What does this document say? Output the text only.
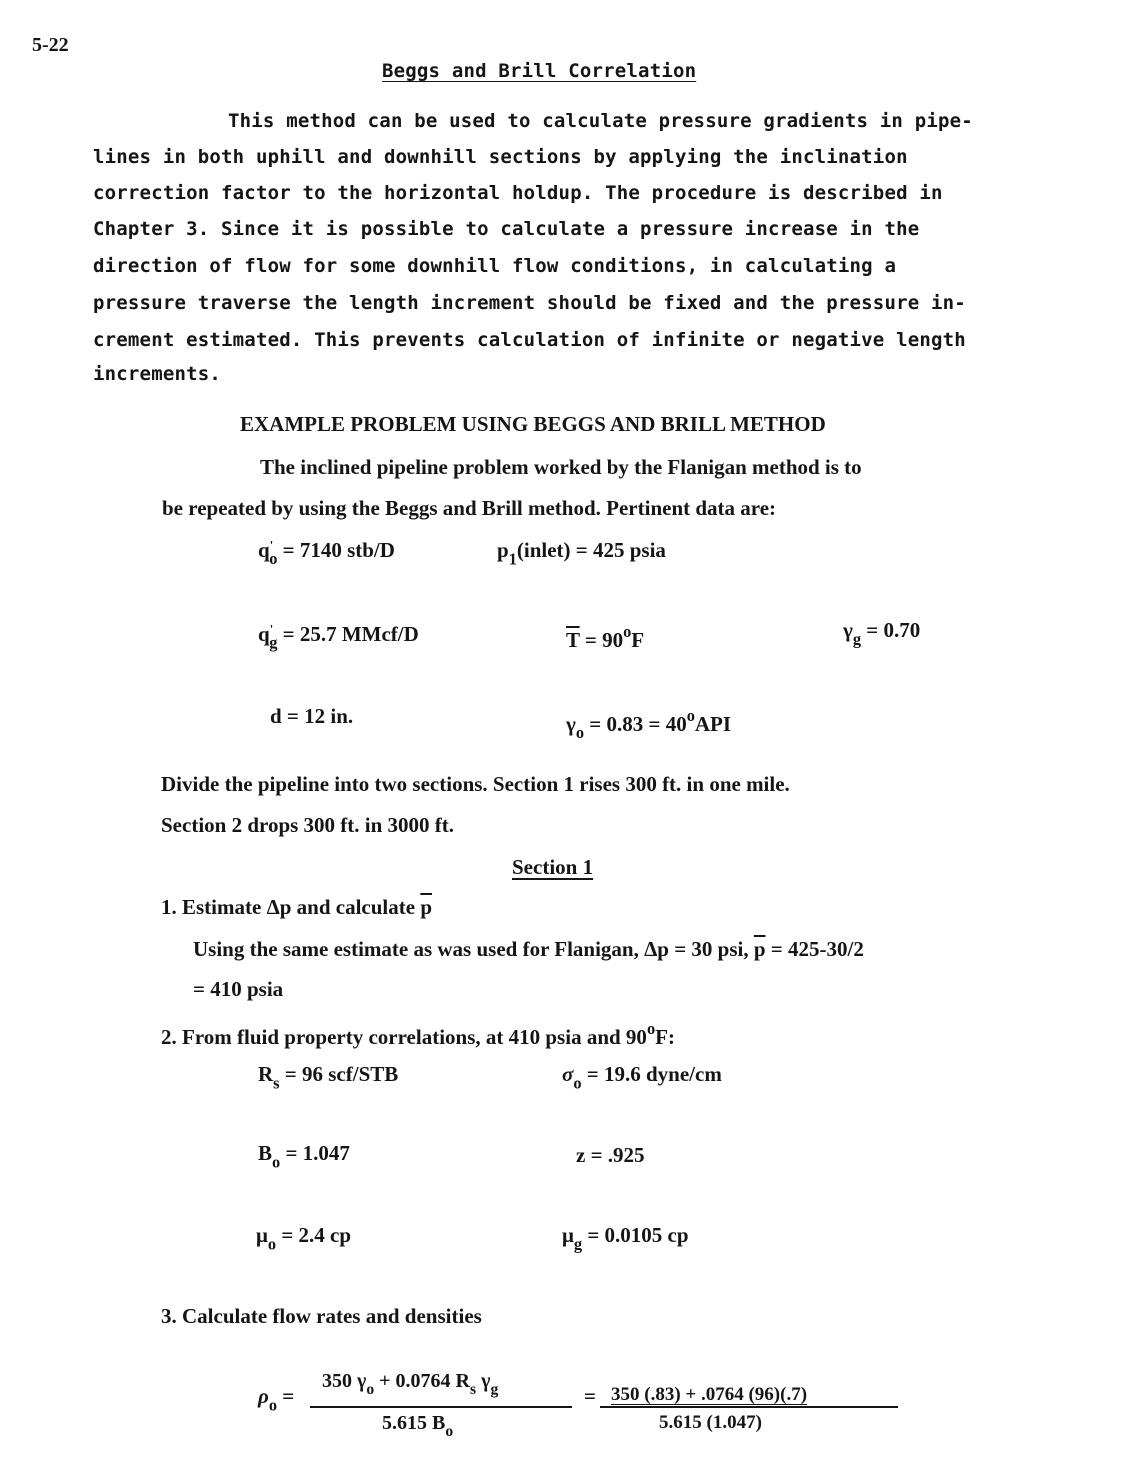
5-22
Beggs and Brill Correlation
This method can be used to calculate pressure gradients in pipe-
lines in both uphill and downhill sections by applying the inclination
correction factor to the horizontal holdup. The procedure is described in
Chapter 3. Since it is possible to calculate a pressure increase in the
direction of flow for some downhill flow conditions, in calculating a
pressure traverse the length increment should be fixed and the pressure in-
crement estimated. This prevents calculation of infinite or negative length
increments.
EXAMPLE PROBLEM USING BEGGS AND BRILL METHOD
The inclined pipeline problem worked by the Flanigan method is to
be repeated by using the Beggs and Brill method. Pertinent data are:
$q'_o = 7140$ stb/D	$p_1(inlet) = 425$ psia
$q'_g = 25.7$ MMcf/D	$\overline{T} = 90^oF$	$\gamma_g = 0.70$
d = 12 in.	$\gamma_o = 0.83 = 40^oAPI$
Divide the pipeline into two sections. Section 1 rises 300 ft. in one mile.
Section 2 drops 300 ft. in 3000 ft.
Section 1
1. Estimate Δp and calculate $\overline{p}$
Using the same estimate as was used for Flanigan, Δp = 30 psi, $\overline{p} = 425-30/2$
= 410 psia
2. From fluid property correlations, at 410 psia and 90$^o$F:
$R_s = 96$ scf/STB	$\sigma_o = 19.6$ dyne/cm
$B_o = 1.047$	z = .925
$\mu_o = 2.4$ cp	$\mu_g = 0.0105$ cp
3. Calculate flow rates and densities
$\rho_o$ =
350 $\gamma_o + 0.0764$ $R_s$ $\gamma_g$
5.615 $B_o$
= 350 (.83) + .0764 (96)(.7)
5.615 (1.047)
